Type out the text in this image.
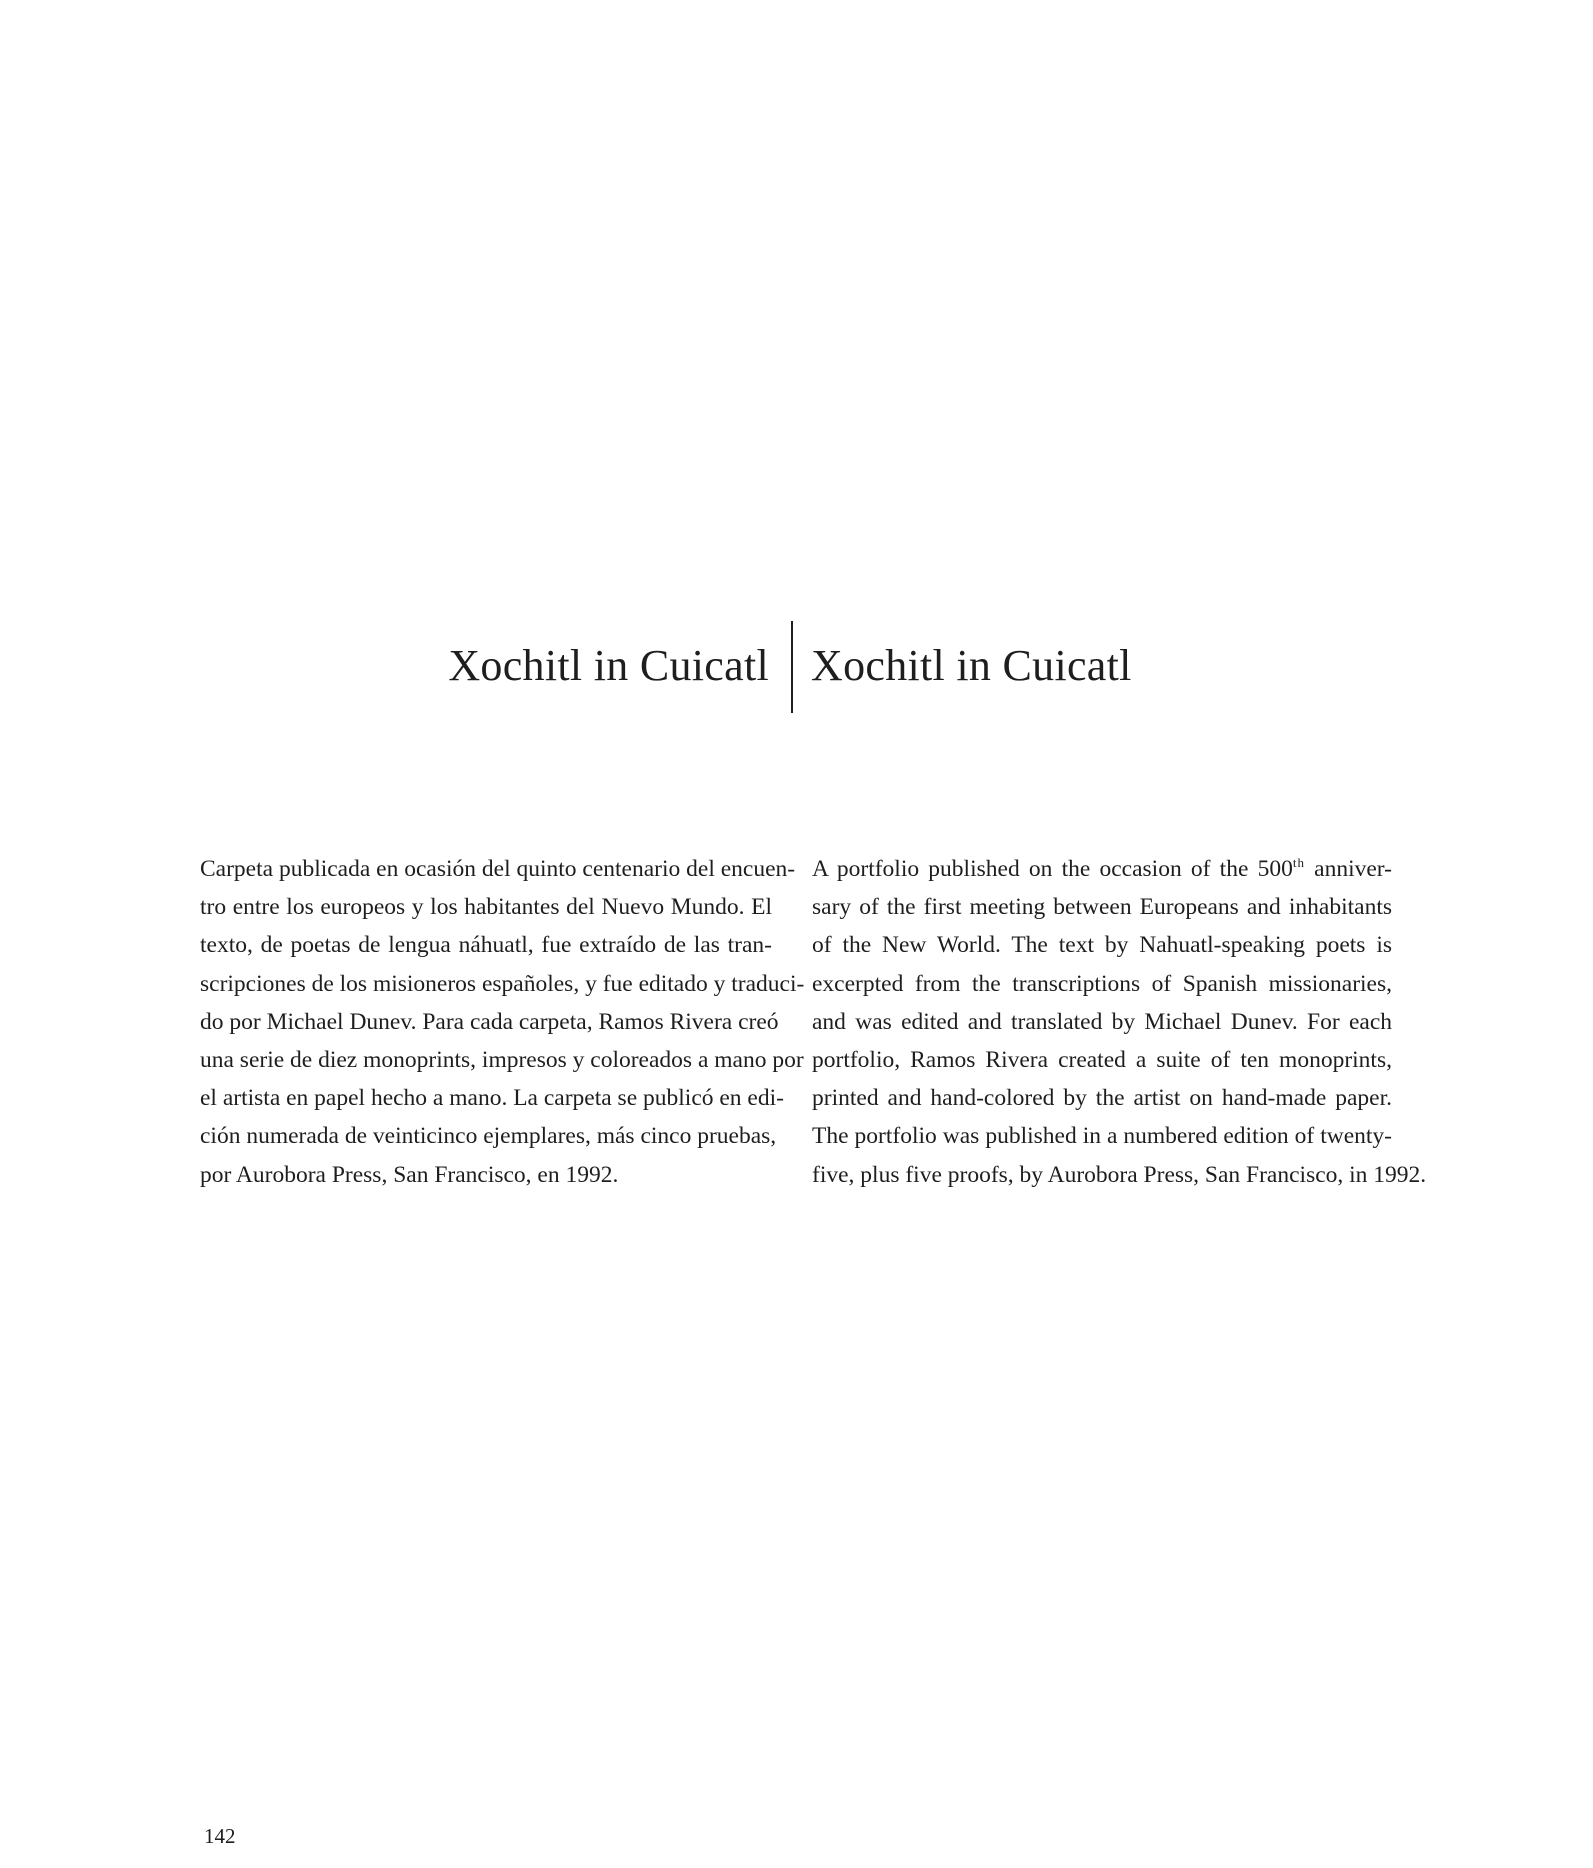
Xochitl in Cuicatl Xochitl in Cuicatl

Carpeta publicada en ocasión del quinto centenario del encuen-
tro entre los europeos y los habitantes del Nuevo Mundo. El
texto, de poetas de lengua náhuatl, fue extraído de las tran-
scripciones de los misioneros españoles, y fue editado y traduci-
do por Michael Dunev. Para cada carpeta, Ramos Rivera creó
una serie de diez monoprints, impresos y coloreados a mano por
el artista en papel hecho a mano. La carpeta se publicó en edi-
ción numerada de veinticinco ejemplares, más cinco pruebas,
por Aurobora Press, San Francisco, en 1992.

A portfolio published on the occasion of the 500th anniver-
sary of the first meeting between Europeans and inhabitants
of the New World. The text by Nahuatl-speaking poets is
excerpted from the transcriptions of Spanish missionaries,
and was edited and translated by Michael Dunev. For each
portfolio, Ramos Rivera created a suite of ten monoprints,
printed and hand-colored by the artist on hand-made paper.
The portfolio was published in a numbered edition of twenty-
five, plus five proofs, by Aurobora Press, San Francisco, in 1992.

142
